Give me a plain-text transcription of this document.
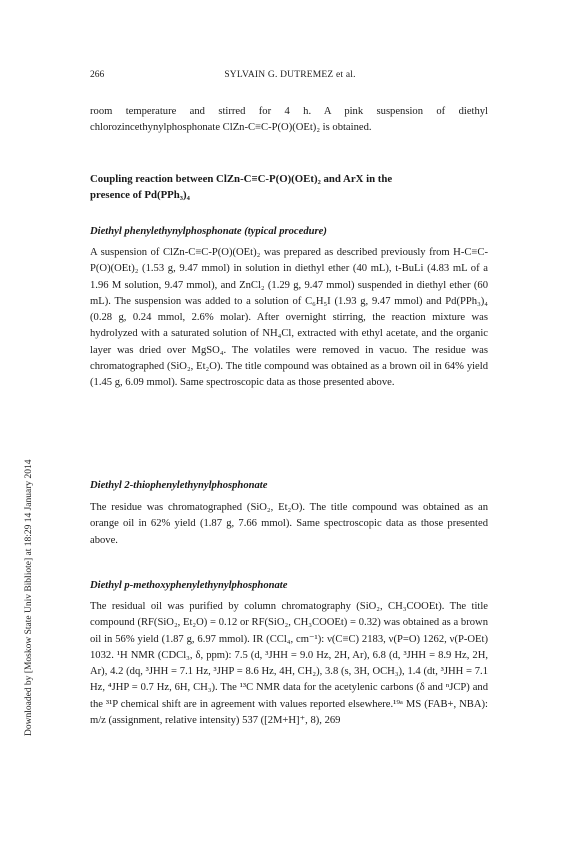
266	SYLVAIN G. DUTREMEZ et al.
Downloaded by [Moskow State Univ Bibliote] at 18:29 14 January 2014

room temperature and stirred for 4 h. A pink suspension of diethyl chlorozincethynylphosphonate ClZn-C≡C-P(O)(OEt)₂ is obtained.

Coupling reaction between ClZn-C≡C-P(O)(OEt)₂ and ArX in the presence of Pd(PPh₃)₄

Diethyl phenylethynylphosphonate (typical procedure)

A suspension of ClZn-C≡C-P(O)(OEt)₂ was prepared as described previously from H-C≡C-P(O)(OEt)₂ (1.53 g, 9.47 mmol) in solution in diethyl ether (40 mL), t-BuLi (4.83 mL of a 1.96 M solution, 9.47 mmol), and ZnCl₂ (1.29 g, 9.47 mmol) suspended in diethyl ether (60 mL). The suspension was added to a solution of C₆H₅I (1.93 g, 9.47 mmol) and Pd(PPh₃)₄ (0.28 g, 0.24 mmol, 2.6% molar). After overnight stirring, the reaction mixture was hydrolyzed with a saturated solution of NH₄Cl, extracted with ethyl acetate, and the organic layer was dried over MgSO₄. The volatiles were removed in vacuo. The residue was chromatographed (SiO₂, Et₂O). The title compound was obtained as a brown oil in 64% yield (1.45 g, 6.09 mmol). Same spectroscopic data as those presented above.

Diethyl 2-thiophenylethynylphosphonate

The residue was chromatographed (SiO₂, Et₂O). The title compound was obtained as an orange oil in 62% yield (1.87 g, 7.66 mmol). Same spectroscopic data as those presented above.

Diethyl p-methoxyphenylethynylphosphonate

The residual oil was purified by column chromatography (SiO₂, CH₃COOEt). The title compound (RF(SiO₂, Et₂O) = 0.12 or RF(SiO₂, CH₃COOEt) = 0.32) was obtained as a brown oil in 56% yield (1.87 g, 6.97 mmol). IR (CCl₄, cm⁻¹): ν(C≡C) 2183, ν(P=O) 1262, ν(P-OEt) 1032. ¹H NMR (CDCl₃, δ, ppm): 7.5 (d, ³JHH = 9.0 Hz, 2H, Ar), 6.8 (d, ³JHH = 8.9 Hz, 2H, Ar), 4.2 (dq, ³JHH = 7.1 Hz, ³JHP = 8.6 Hz, 4H, CH₂), 3.8 (s, 3H, OCH₃), 1.4 (dt, ³JHH = 7.1 Hz, ⁴JHP = 0.7 Hz, 6H, CH₃). The ¹³C NMR data for the acetylenic carbons (δ and ⁿJCP) and the ³¹P chemical shift are in agreement with values reported elsewhere.¹⁹ᵃ MS (FAB+, NBA): m/z (assignment, relative intensity) 537 ([2M+H]⁺, 8), 269
